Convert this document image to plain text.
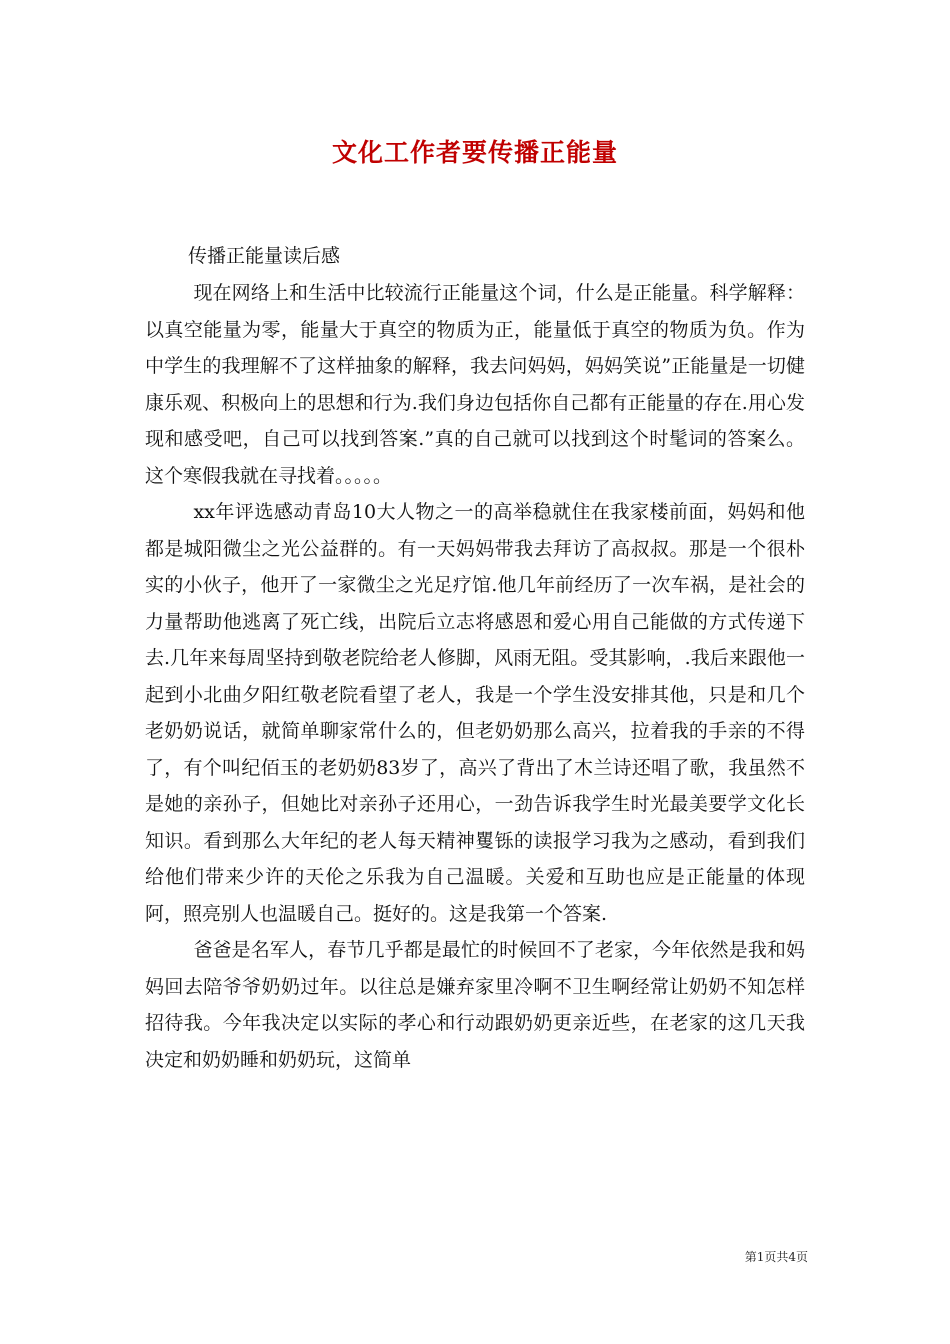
文化工作者要传播正能量
传播正能量读后感

现在网络上和生活中比较流行正能量这个词，什么是正能量。科学解释：以真空能量为零，能量大于真空的物质为正，能量低于真空的物质为负。作为中学生的我理解不了这样抽象的解释，我去问妈妈，妈妈笑说”正能量是一切健康乐观、积极向上的思想和行为.我们身边包括你自己都有正能量的存在.用心发现和感受吧，自己可以找到答案.”真的自己就可以找到这个时髦词的答案么。这个寒假我就在寻找着。。。。。

xx年评选感动青岛10大人物之一的高举稳就住在我家楼前面，妈妈和他都是城阳微尘之光公益群的。有一天妈妈带我去拜访了高叔叔。那是一个很朴实的小伙子，他开了一家微尘之光足疗馆.他几年前经历了一次车祸，是社会的力量帮助他逃离了死亡线，出院后立志将感恩和爱心用自己能做的方式传递下去.几年来每周坚持到敬老院给老人修脚，风雨无阻。受其影响，.我后来跟他一起到小北曲夕阳红敬老院看望了老人，我是一个学生没安排其他，只是和几个老奶奶说话，就简单聊家常什么的，但老奶奶那么高兴，拉着我的手亲的不得了，有个叫纪佰玉的老奶奶83岁了，高兴了背出了木兰诗还唱了歌，我虽然不是她的亲孙子，但她比对亲孙子还用心，一劲告诉我学生时光最美要学文化长知识。看到那么大年纪的老人每天精神矍铄的读报学习我为之感动，看到我们给他们带来少许的天伦之乐我为自己温暖。关爱和互助也应是正能量的体现阿，照亮别人也温暖自己。挺好的。这是我第一个答案.

爸爸是名军人，春节几乎都是最忙的时候回不了老家，今年依然是我和妈妈回去陪爷爷奶奶过年。以往总是嫌弃家里冷啊不卫生啊经常让奶奶不知怎样招待我。今年我决定以实际的孝心和行动跟奶奶更亲近些，在老家的这几天我决定和奶奶睡和奶奶玩，这简单

第1页共4页
